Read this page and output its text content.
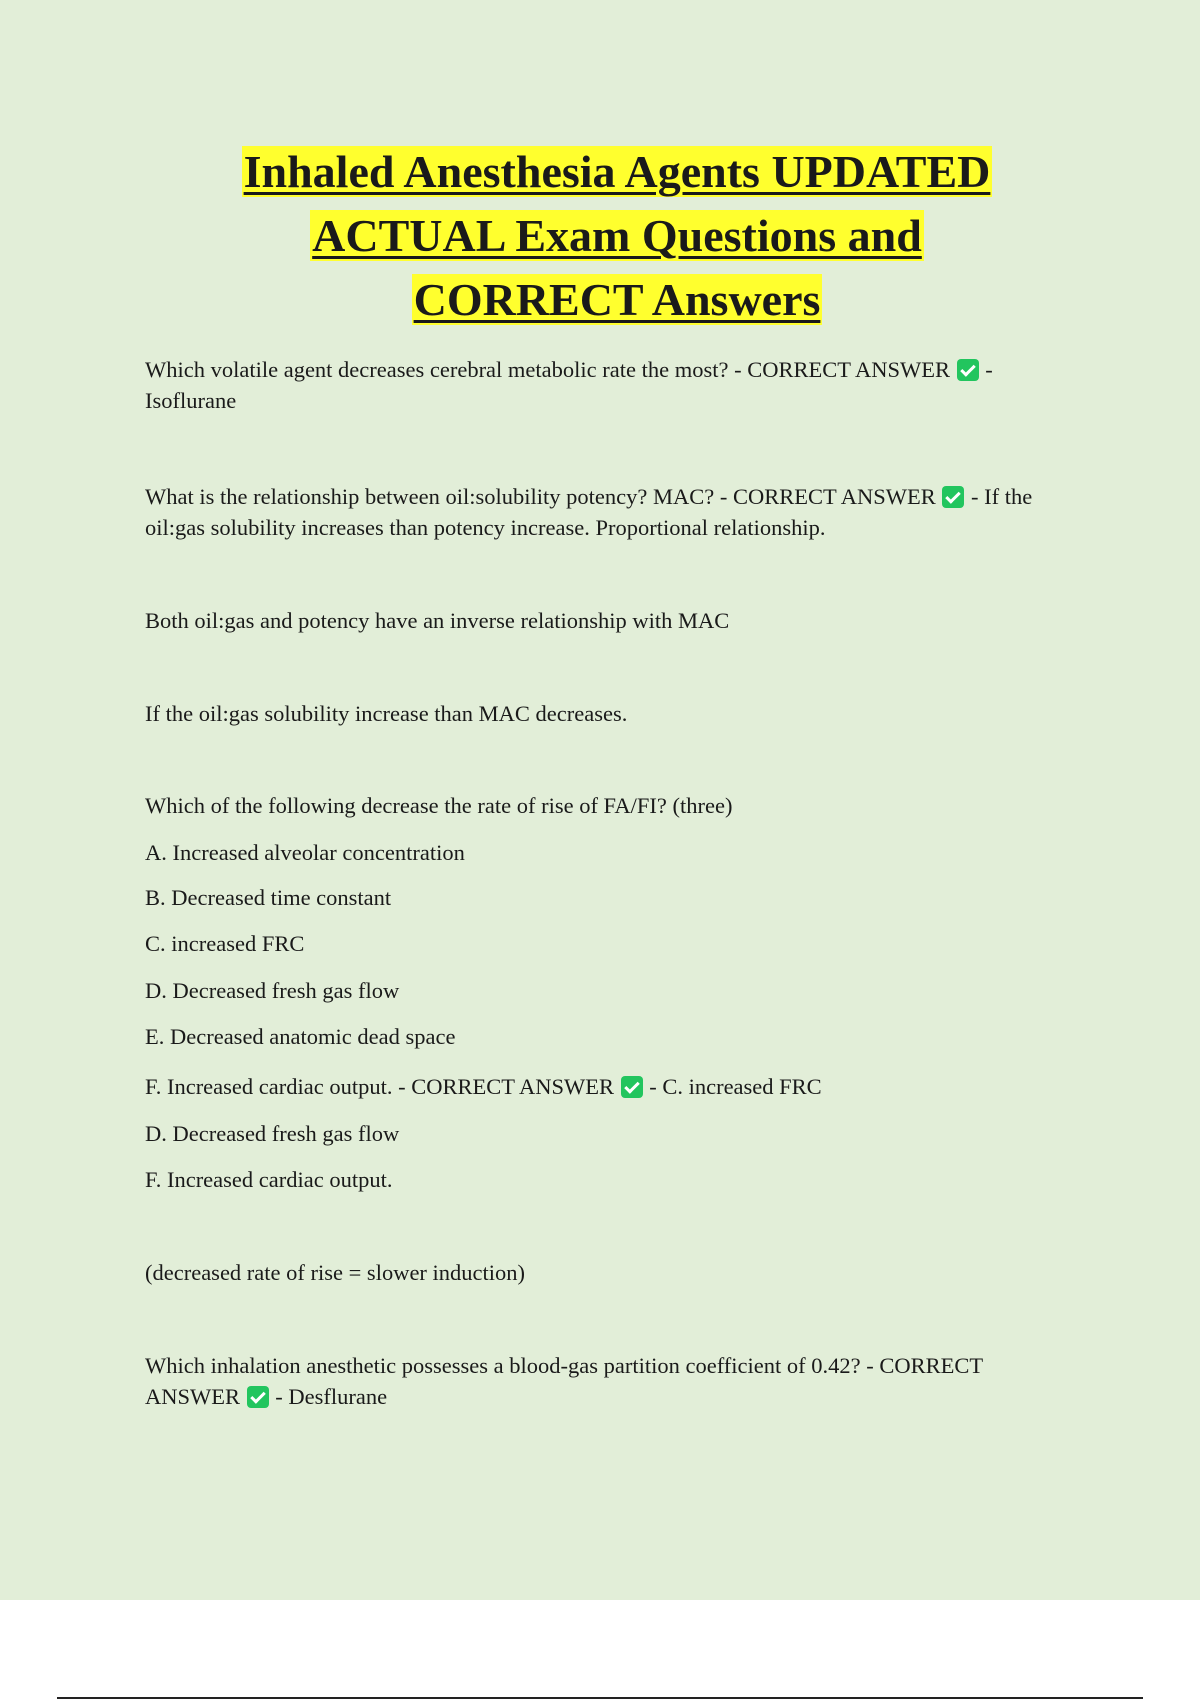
Inhaled Anesthesia Agents UPDATED
ACTUAL Exam Questions and
CORRECT Answers

Which volatile agent decreases cerebral metabolic rate the most? - CORRECT ANSWER - Isoflurane

What is the relationship between oil:solubility potency? MAC? - CORRECT ANSWER - If the oil:gas solubility increases than potency increase. Proportional relationship.

Both oil:gas and potency have an inverse relationship with MAC

If the oil:gas solubility increase than MAC decreases.

Which of the following decrease the rate of rise of FA/FI? (three)

A. Increased alveolar concentration

B. Decreased time constant

C. increased FRC

D. Decreased fresh gas flow

E. Decreased anatomic dead space

F. Increased cardiac output. - CORRECT ANSWER - C. increased FRC

D. Decreased fresh gas flow

F. Increased cardiac output.

(decreased rate of rise = slower induction)

Which inhalation anesthetic possesses a blood-gas partition coefficient of 0.42? - CORRECT ANSWER - Desflurane
